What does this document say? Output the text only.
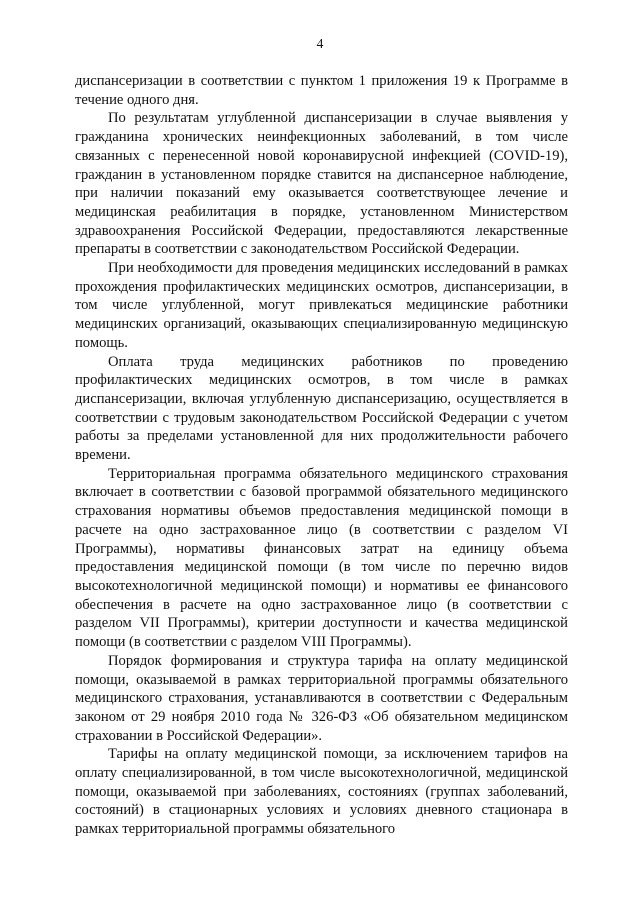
4

диспансеризации в соответствии с пунктом 1 приложения 19 к Программе в течение одного дня.

По результатам углубленной диспансеризации в случае выявления у гражданина хронических неинфекционных заболеваний, в том числе связанных с перенесенной новой коронавирусной инфекцией (COVID-19), гражданин в установленном порядке ставится на диспансерное наблюдение, при наличии показаний ему оказывается соответствующее лечение и медицинская реабилитация в порядке, установленном Министерством здравоохранения Российской Федерации, предоставляются лекарственные препараты в соответствии с законодательством Российской Федерации.

При необходимости для проведения медицинских исследований в рамках прохождения профилактических медицинских осмотров, диспансеризации, в том числе углубленной, могут привлекаться медицинские работники медицинских организаций, оказывающих специализированную медицинскую помощь.

Оплата труда медицинских работников по проведению профилактических медицинских осмотров, в том числе в рамках диспансеризации, включая углубленную диспансеризацию, осуществляется в соответствии с трудовым законодательством Российской Федерации с учетом работы за пределами установленной для них продолжительности рабочего времени.

Территориальная программа обязательного медицинского страхования включает в соответствии с базовой программой обязательного медицинского страхования нормативы объемов предоставления медицинской помощи в расчете на одно застрахованное лицо (в соответствии с разделом VI Программы), нормативы финансовых затрат на единицу объема предоставления медицинской помощи (в том числе по перечню видов высокотехнологичной медицинской помощи) и нормативы ее финансового обеспечения в расчете на одно застрахованное лицо (в соответствии с разделом VII Программы), критерии доступности и качества медицинской помощи (в соответствии с разделом VIII Программы).

Порядок формирования и структура тарифа на оплату медицинской помощи, оказываемой в рамках территориальной программы обязательного медицинского страхования, устанавливаются в соответствии с Федеральным законом от 29 ноября 2010 года № 326-ФЗ «Об обязательном медицинском страховании в Российской Федерации».

Тарифы на оплату медицинской помощи, за исключением тарифов на оплату специализированной, в том числе высокотехнологичной, медицинской помощи, оказываемой при заболеваниях, состояниях (группах заболеваний, состояний) в стационарных условиях и условиях дневного стационара в рамках территориальной программы обязательного
